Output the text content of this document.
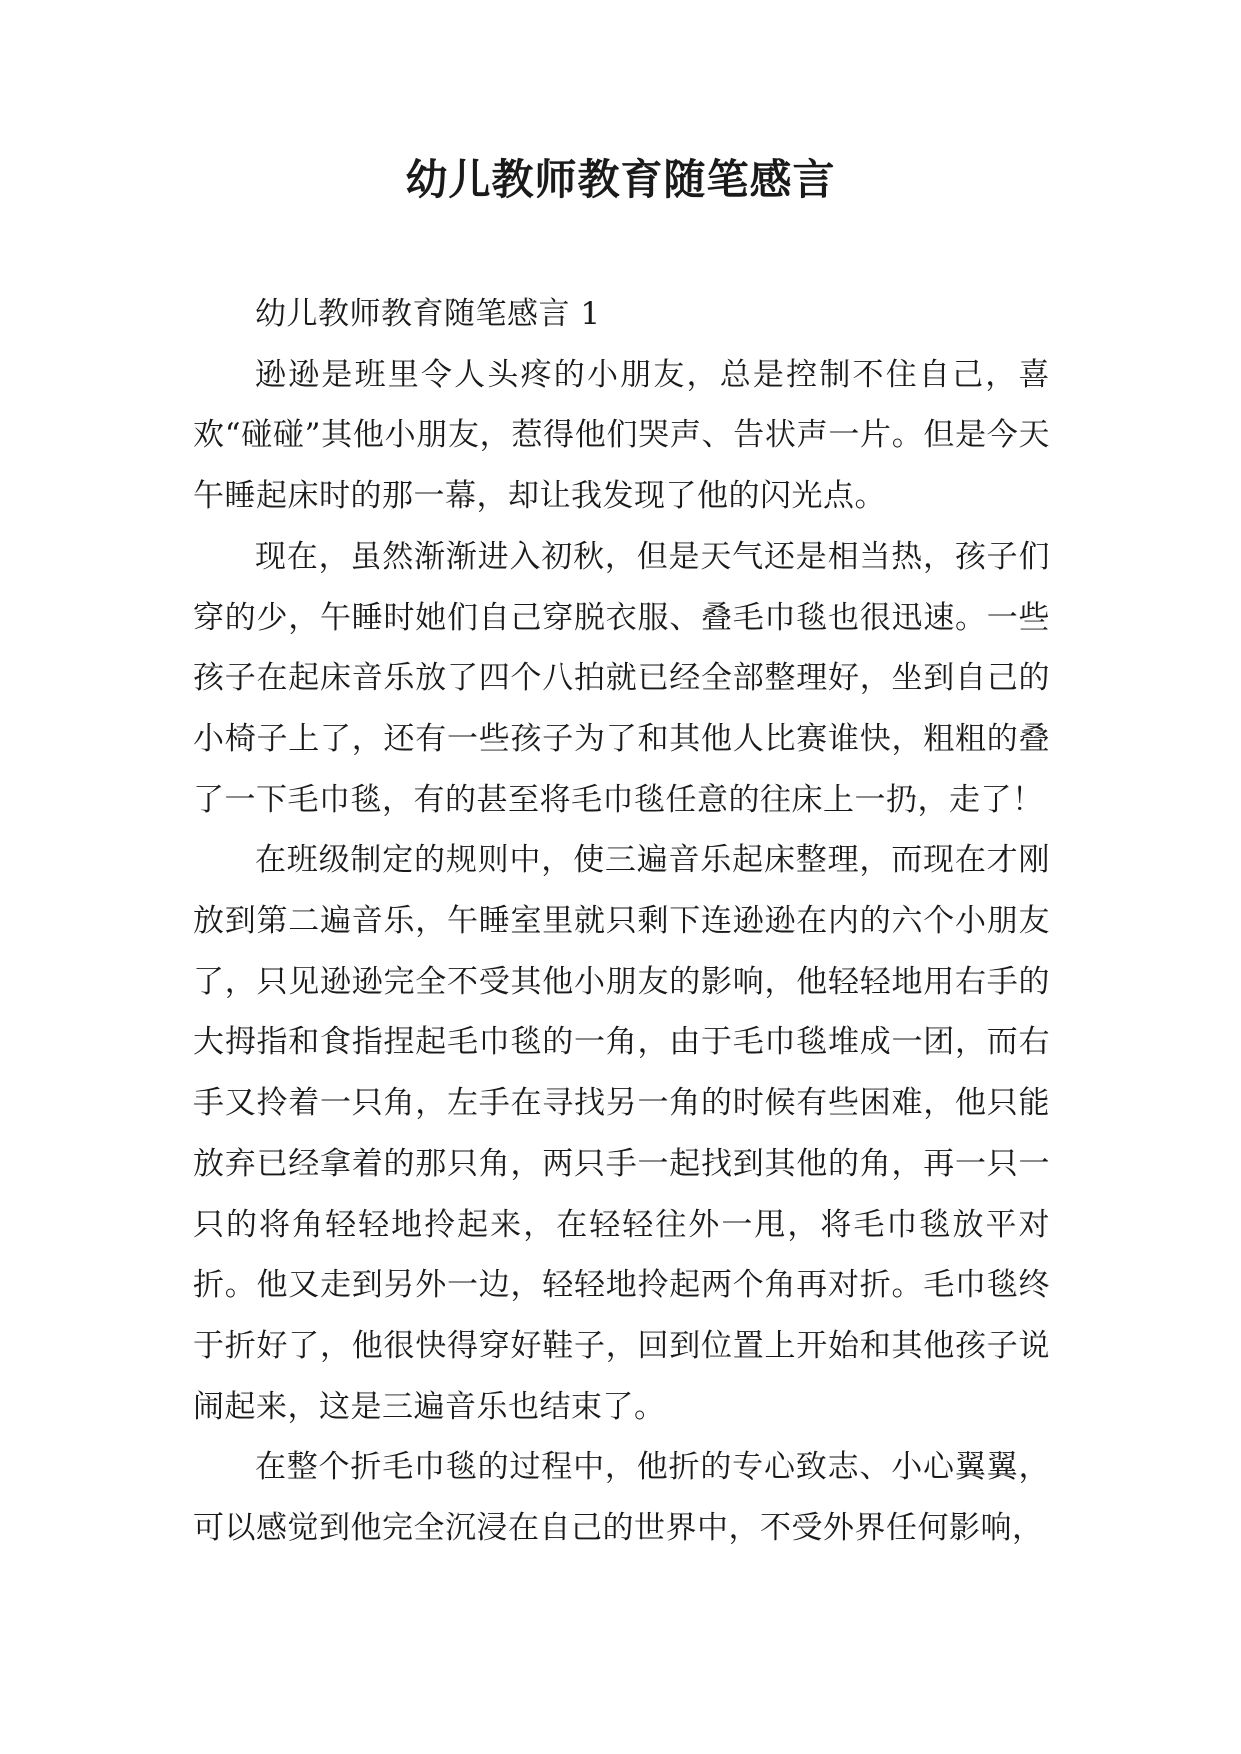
幼儿教师教育随笔感言

幼儿教师教育随笔感言 1

逊逊是班里令人头疼的小朋友，总是控制不住自己，喜欢“碰碰”其他小朋友，惹得他们哭声、告状声一片。但是今天午睡起床时的那一幕，却让我发现了他的闪光点。

现在，虽然渐渐进入初秋，但是天气还是相当热，孩子们穿的少，午睡时她们自己穿脱衣服、叠毛巾毯也很迅速。一些孩子在起床音乐放了四个八拍就已经全部整理好，坐到自己的小椅子上了，还有一些孩子为了和其他人比赛谁快，粗粗的叠了一下毛巾毯，有的甚至将毛巾毯任意的往床上一扔，走了！

在班级制定的规则中，使三遍音乐起床整理，而现在才刚放到第二遍音乐，午睡室里就只剩下连逊逊在内的六个小朋友了，只见逊逊完全不受其他小朋友的影响，他轻轻地用右手的大拇指和食指捏起毛巾毯的一角，由于毛巾毯堆成一团，而右手又拎着一只角，左手在寻找另一角的时候有些困难，他只能放弃已经拿着的那只角，两只手一起找到其他的角，再一只一只的将角轻轻地拎起来，在轻轻往外一甩，将毛巾毯放平对折。他又走到另外一边，轻轻地拎起两个角再对折。毛巾毯终于折好了，他很快得穿好鞋子，回到位置上开始和其他孩子说闹起来，这是三遍音乐也结束了。

在整个折毛巾毯的过程中，他折的专心致志、小心翼翼，可以感觉到他完全沉浸在自己的世界中，不受外界任何影响，
